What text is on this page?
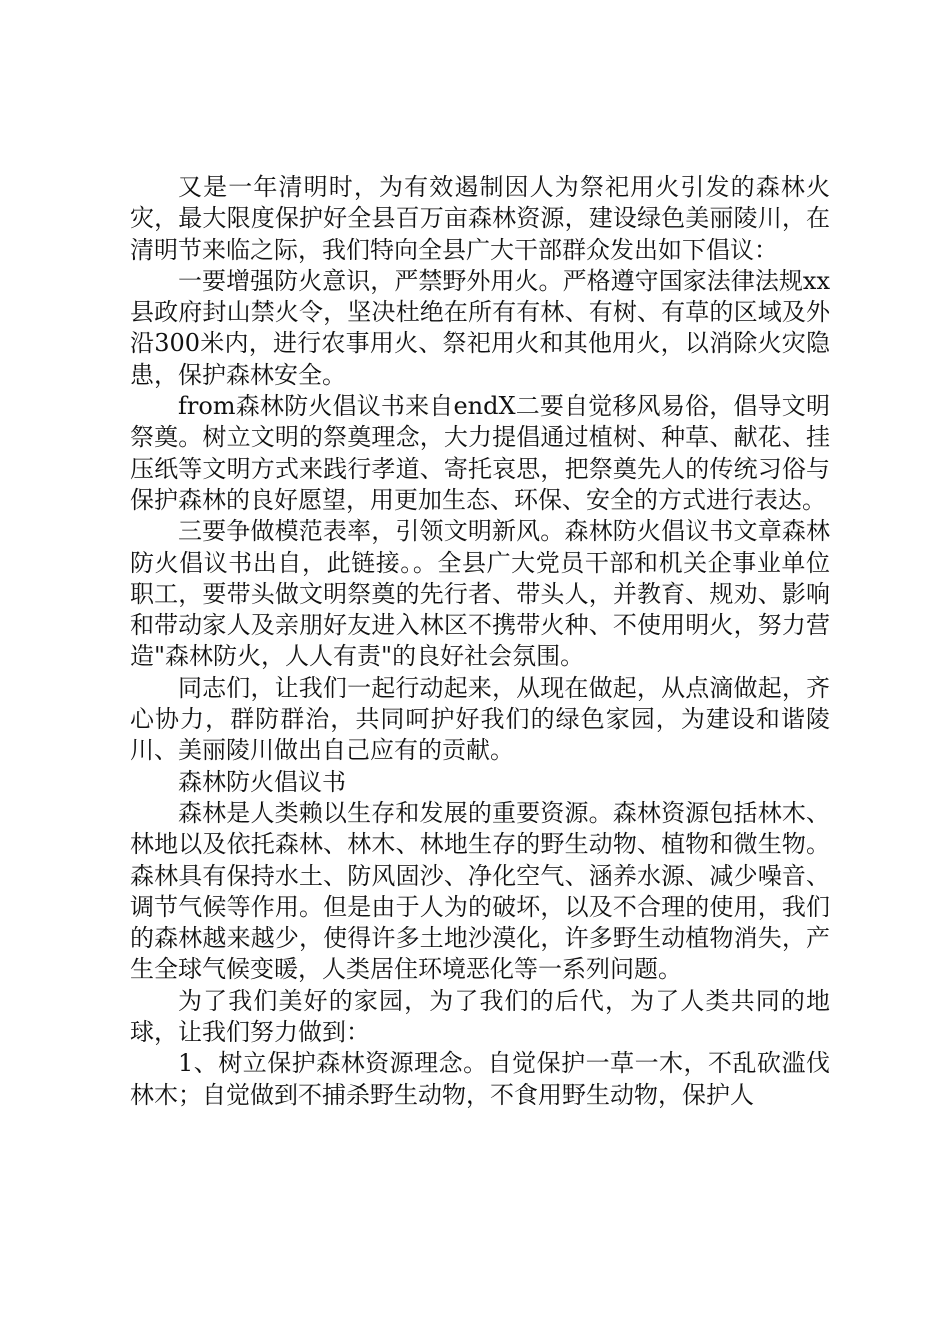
又是一年清明时，为有效遏制因人为祭祀用火引发的森林火灾，最大限度保护好全县百万亩森林资源，建设绿色美丽陵川，在清明节来临之际，我们特向全县广大干部群众发出如下倡议：

一要增强防火意识，严禁野外用火。严格遵守国家法律法规xx县政府封山禁火令，坚决杜绝在所有有林、有树、有草的区域及外沿300米内，进行农事用火、祭祀用火和其他用火，以消除火灾隐患，保护森林安全。

from森林防火倡议书来自endX二要自觉移风易俗，倡导文明祭奠。树立文明的祭奠理念，大力提倡通过植树、种草、献花、挂压纸等文明方式来践行孝道、寄托哀思，把祭奠先人的传统习俗与保护森林的良好愿望，用更加生态、环保、安全的方式进行表达。

三要争做模范表率，引领文明新风。森林防火倡议书文章森林防火倡议书出自，此链接。。全县广大党员干部和机关企事业单位职工，要带头做文明祭奠的先行者、带头人，并教育、规劝、影响和带动家人及亲朋好友进入林区不携带火种、不使用明火，努力营造"森林防火，人人有责"的良好社会氛围。

同志们，让我们一起行动起来，从现在做起，从点滴做起，齐心协力，群防群治，共同呵护好我们的绿色家园，为建设和谐陵川、美丽陵川做出自己应有的贡献。

森林防火倡议书

森林是人类赖以生存和发展的重要资源。森林资源包括林木、林地以及依托森林、林木、林地生存的野生动物、植物和微生物。森林具有保持水土、防风固沙、净化空气、涵养水源、减少噪音、调节气候等作用。但是由于人为的破坏，以及不合理的使用，我们的森林越来越少，使得许多土地沙漠化，许多野生动植物消失，产生全球气候变暖，人类居住环境恶化等一系列问题。

为了我们美好的家园，为了我们的后代，为了人类共同的地球，让我们努力做到：

1、树立保护森林资源理念。自觉保护一草一木，不乱砍滥伐林木；自觉做到不捕杀野生动物，不食用野生动物，保护人
